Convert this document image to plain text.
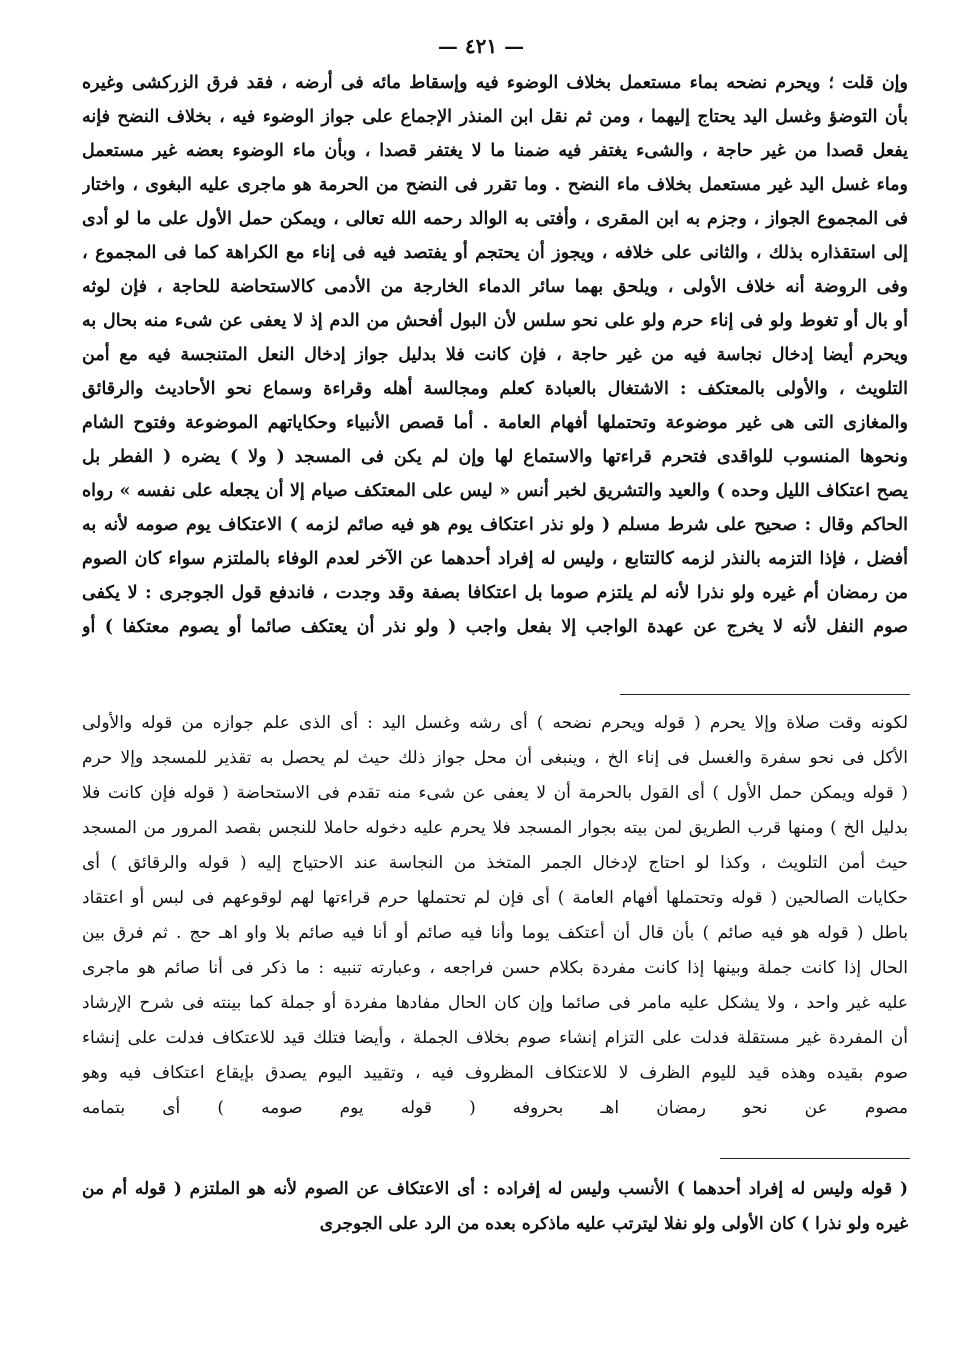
— ٤٢١ —
وإن قلت ؛ ويحرم نضحه بماء مستعمل بخلاف الوضوء فيه وإسقاط مائه فى أرضه ، فقد فرق الزركشى وغيره
بأن التوضؤ وغسل اليد يحتاج إليهما ، ومن ثم نقل ابن المنذر الإجماع على جواز الوضوء فيه ، بخلاف النضح فإنه
يفعل قصدا من غير حاجة ، والشىء يغتفر فيه ضمنا ما لا يغتفر قصدا ، وبأن ماء الوضوء بعضه غير مستعمل
وماء غسل اليد غير مستعمل بخلاف ماء النضح . وما تقرر فى النضح من الحرمة هو ماجرى عليه البغوى ، واختار
فى المجموع الجواز ، وجزم به ابن المقرى ، وأفتى به الوالد رحمه الله تعالى ، ويمكن حمل الأول على ما لو أدى
إلى استقذاره بذلك ، والثانى على خلافه ، ويجوز أن يحتجم أو يفتصد فيه فى إناء مع الكراهة كما فى المجموع ،
وفى الروضة أنه خلاف الأولى ، ويلحق بهما سائر الدماء الخارجة من الأدمى كالاستحاضة للحاجة ، فإن لوثه
أو بال أو تغوط ولو فى إناء حرم ولو على نحو سلس لأن البول أفحش من الدم إذ لا يعفى عن شىء منه بحال به
ويحرم أيضا إدخال نجاسة فيه من غير حاجة ، فإن كانت فلا بدليل جواز إدخال النعل المتنجسة فيه مع أمن
التلويث ، والأولى بالمعتكف : الاشتغال بالعبادة كعلم ومجالسة أهله وقراءة وسماع نحو الأحاديث والرقائق
والمغازى التى هى غير موضوعة وتحتملها أفهام العامة . أما قصص الأنبياء وحكاياتهم الموضوعة وفتوح الشام
ونحوها المنسوب للواقدى فتحرم قراءتها والاستماع لها وإن لم يكن فى المسجد ( ولا ) يضره ( الفطر بل
يصح اعتكاف الليل وحده ) والعيد والتشريق لخبر أنس « ليس على المعتكف صيام إلا أن يجعله على نفسه » رواه
الحاكم وقال : صحيح على شرط مسلم ( ولو نذر اعتكاف يوم هو فيه صائم لزمه ) الاعتكاف يوم صومه لأنه به
أفضل ، فإذا التزمه بالنذر لزمه كالتتابع ، وليس له إفراد أحدهما عن الآخر لعدم الوفاء بالملتزم سواء كان الصوم
من رمضان أم غيره ولو نذرا لأنه لم يلتزم صوما بل اعتكافا بصفة وقد وجدت ، فاندفع قول الجوجرى : لا يكفى
صوم النفل لأنه لا يخرج عن عهدة الواجب إلا بفعل واجب ( ولو نذر أن يعتكف صائما أو يصوم معتكفا ) أو
لكونه وقت صلاة وإلا يحرم ( قوله ويحرم نضحه ) أى رشه وغسل اليد : أى الذى علم جوازه من قوله والأولى
الأكل فى نحو سفرة والغسل فى إناء الخ ، وينبغى أن محل جواز ذلك حيث لم يحصل به تقذير للمسجد وإلا حرم
( قوله ويمكن حمل الأول ) أى القول بالحرمة أن لا يعفى عن شىء منه تقدم فى الاستحاضة ( قوله فإن كانت فلا
بدليل الخ ) ومنها قرب الطريق لمن بيته بجوار المسجد فلا يحرم عليه دخوله حاملا للنجس بقصد المرور من المسجد
حيث أمن التلويث ، وكذا لو احتاج لإدخال الجمر المتخذ من النجاسة عند الاحتياج إليه ( قوله والرقائق ) أى
حكايات الصالحين ( قوله وتحتملها أفهام العامة ) أى فإن لم تحتملها حرم قراءتها لهم لوقوعهم فى لبس أو اعتقاد
باطل ( قوله هو فيه صائم ) بأن قال أن أعتكف يوما وأنا فيه صائم أو أنا فيه صائم بلا واو اهـ حج . ثم فرق بين
الحال إذا كانت جملة وبينها إذا كانت مفردة بكلام حسن فراجعه ، وعبارته تنبيه : ما ذكر فى أنا صائم هو ماجرى
عليه غير واحد ، ولا يشكل عليه مامر فى صائما وإن كان الحال مفادها مفردة أو جملة كما بينته فى شرح الإرشاد
أن المفردة غير مستقلة فدلت على التزام إنشاء صوم بخلاف الجملة ، وأيضا فتلك قيد للاعتكاف فدلت على إنشاء
صوم بقيده وهذه قيد لليوم الظرف لا للاعتكاف المظروف فيه ، وتقييد اليوم يصدق بإيقاع اعتكاف فيه وهو
مصوم عن نحو رمضان اهـ بحروفه ( قوله يوم صومه ) أى بتمامه
( قوله وليس له إفراد أحدهما ) الأنسب وليس له إفراده : أى الاعتكاف عن الصوم لأنه هو الملتزم ( قوله أم من
غيره ولو نذرا ) كان الأولى ولو نفلا ليترتب عليه ماذكره بعده من الرد على الجوجرى
